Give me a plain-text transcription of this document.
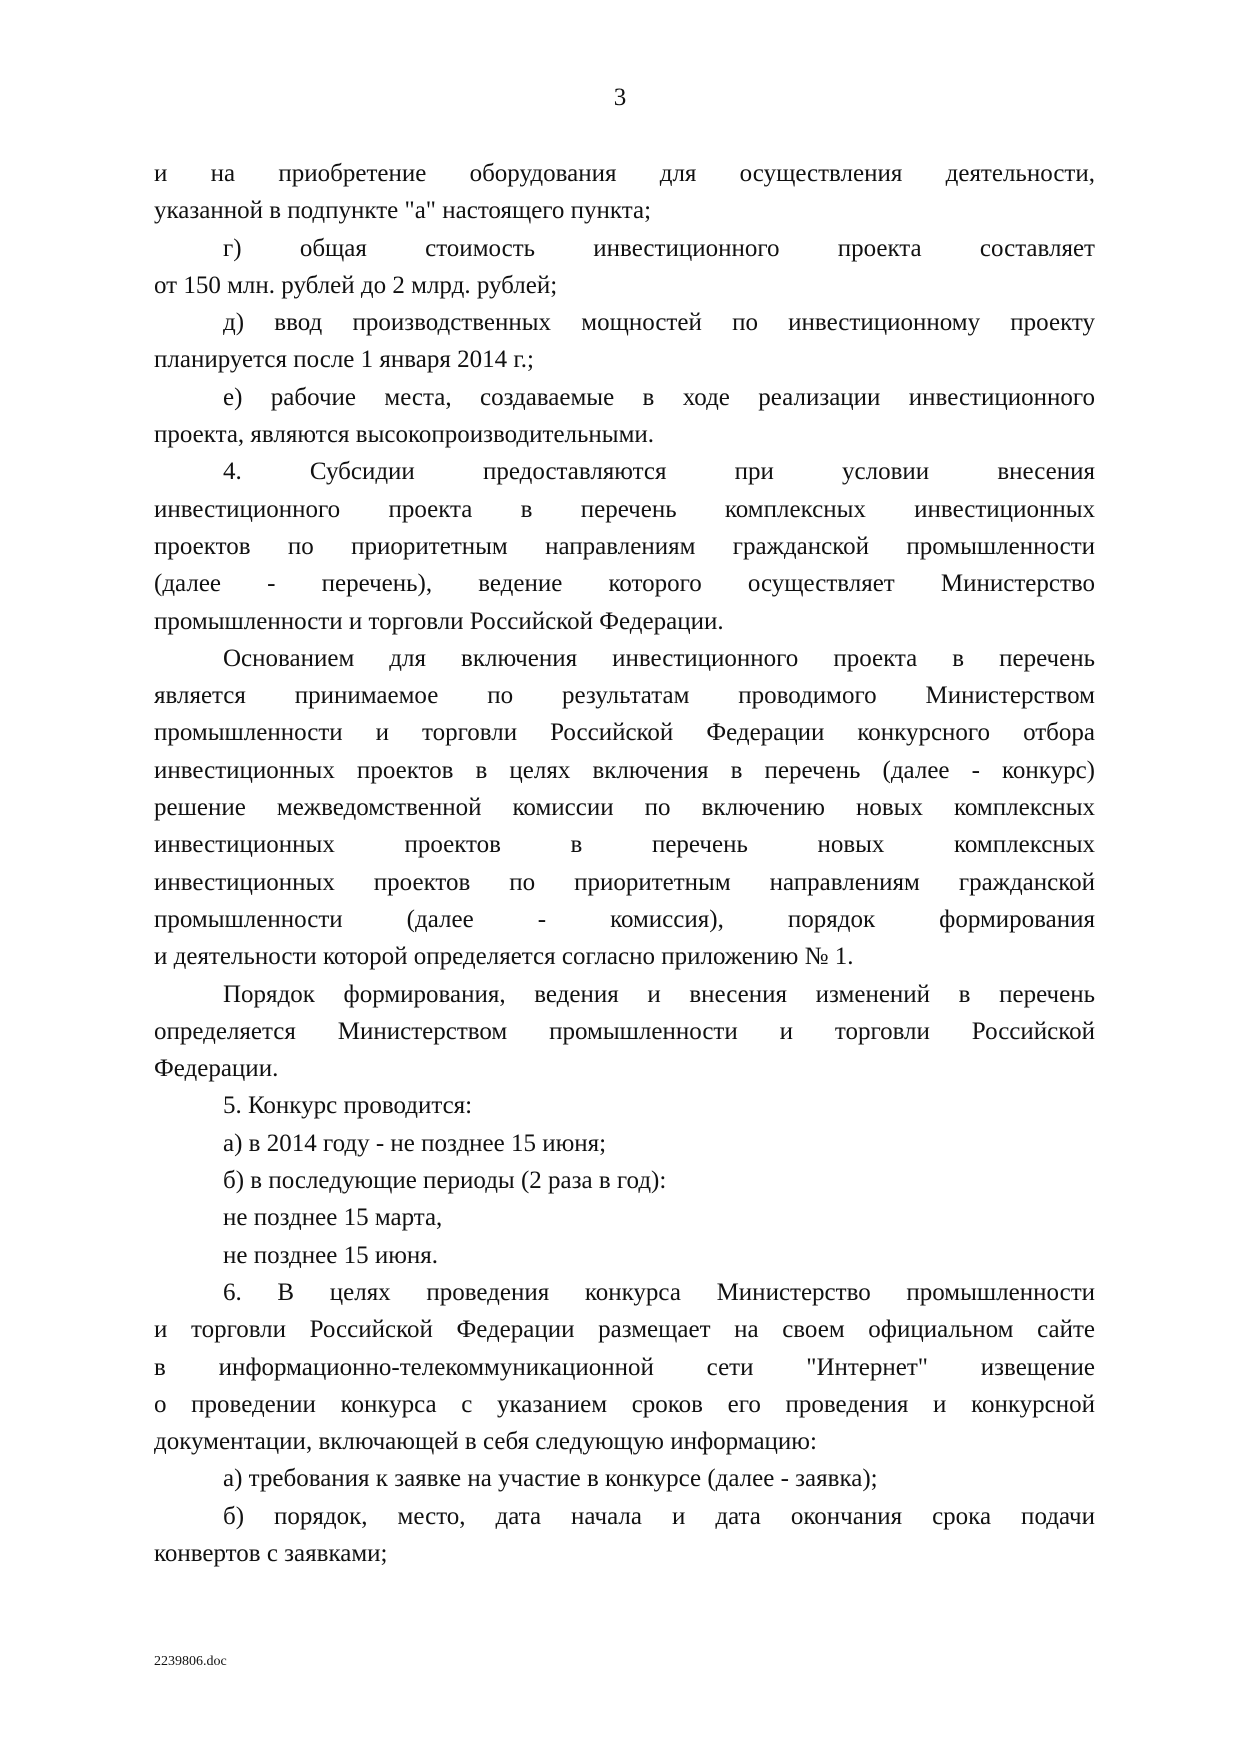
3
и на приобретение оборудования для осуществления деятельности,
указанной в подпункте "а" настоящего пункта;
г) общая стоимость инвестиционного проекта составляет
от 150 млн. рублей до 2 млрд. рублей;
д) ввод производственных мощностей по инвестиционному проекту
планируется после 1 января 2014 г.;
е) рабочие места, создаваемые в ходе реализации инвестиционного
проекта, являются высокопроизводительными.
4. Субсидии предоставляются при условии внесения
инвестиционного проекта в перечень комплексных инвестиционных
проектов по приоритетным направлениям гражданской промышленности
(далее - перечень), ведение которого осуществляет Министерство
промышленности и торговли Российской Федерации.
Основанием для включения инвестиционного проекта в перечень
является принимаемое по результатам проводимого Министерством
промышленности и торговли Российской Федерации конкурсного отбора
инвестиционных проектов в целях включения в перечень (далее - конкурс)
решение межведомственной комиссии по включению новых комплексных
инвестиционных проектов в перечень новых комплексных
инвестиционных проектов по приоритетным направлениям гражданской
промышленности (далее - комиссия), порядок формирования
и деятельности которой определяется согласно приложению № 1.
Порядок формирования, ведения и внесения изменений в перечень
определяется Министерством промышленности и торговли Российской
Федерации.
5. Конкурс проводится:
а) в 2014 году - не позднее 15 июня;
б) в последующие периоды (2 раза в год):
не позднее 15 марта,
не позднее 15 июня.
6. В целях проведения конкурса Министерство промышленности
и торговли Российской Федерации размещает на своем официальном сайте
в информационно-телекоммуникационной сети "Интернет" извещение
о проведении конкурса с указанием сроков его проведения и конкурсной
документации, включающей в себя следующую информацию:
а) требования к заявке на участие в конкурсе (далее - заявка);
б) порядок, место, дата начала и дата окончания срока подачи
конвертов с заявками;
2239806.doc
